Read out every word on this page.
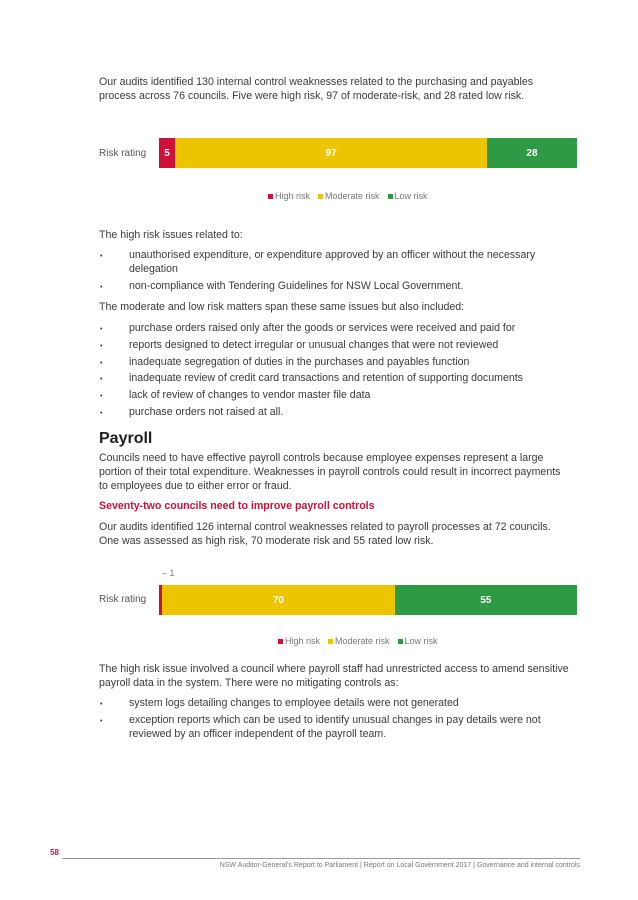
Our audits identified 130 internal control weaknesses related to the purchasing and payables process across 76 councils. Five were high risk, 97 of moderate-risk, and 28 rated low risk.

Risk rating	5	97	28
High risk Moderate risk Low risk

The high risk issues related to:

• unauthorised expenditure, or expenditure approved by an officer without the necessary delegation
• non-compliance with Tendering Guidelines for NSW Local Government.

The moderate and low risk matters span these same issues but also included:

• purchase orders raised only after the goods or services were received and paid for
• reports designed to detect irregular or unusual changes that were not reviewed
• inadequate segregation of duties in the purchases and payables function
• inadequate review of credit card transactions and retention of supporting documents
• lack of review of changes to vendor master file data
• purchase orders not raised at all.
Payroll

Councils need to have effective payroll controls because employee expenses represent a large portion of their total expenditure. Weaknesses in payroll controls could result in incorrect payments to employees due to either error or fraud.

Seventy-two councils need to improve payroll controls

Our audits identified 126 internal control weaknesses related to payroll processes at 72 councils. One was assessed as high risk, 70 moderate risk and 55 rated low risk.

– 1
Risk rating	70	55
High risk Moderate risk Low risk

The high risk issue involved a council where payroll staff had unrestricted access to amend sensitive payroll data in the system. There were no mitigating controls as:

• system logs detailing changes to employee details were not generated
• exception reports which can be used to identify unusual changes in pay details were not reviewed by an officer independent of the payroll team.
58
NSW Auditor-General's Report to Parliament | Report on Local Government 2017 | Governance and internal controls
